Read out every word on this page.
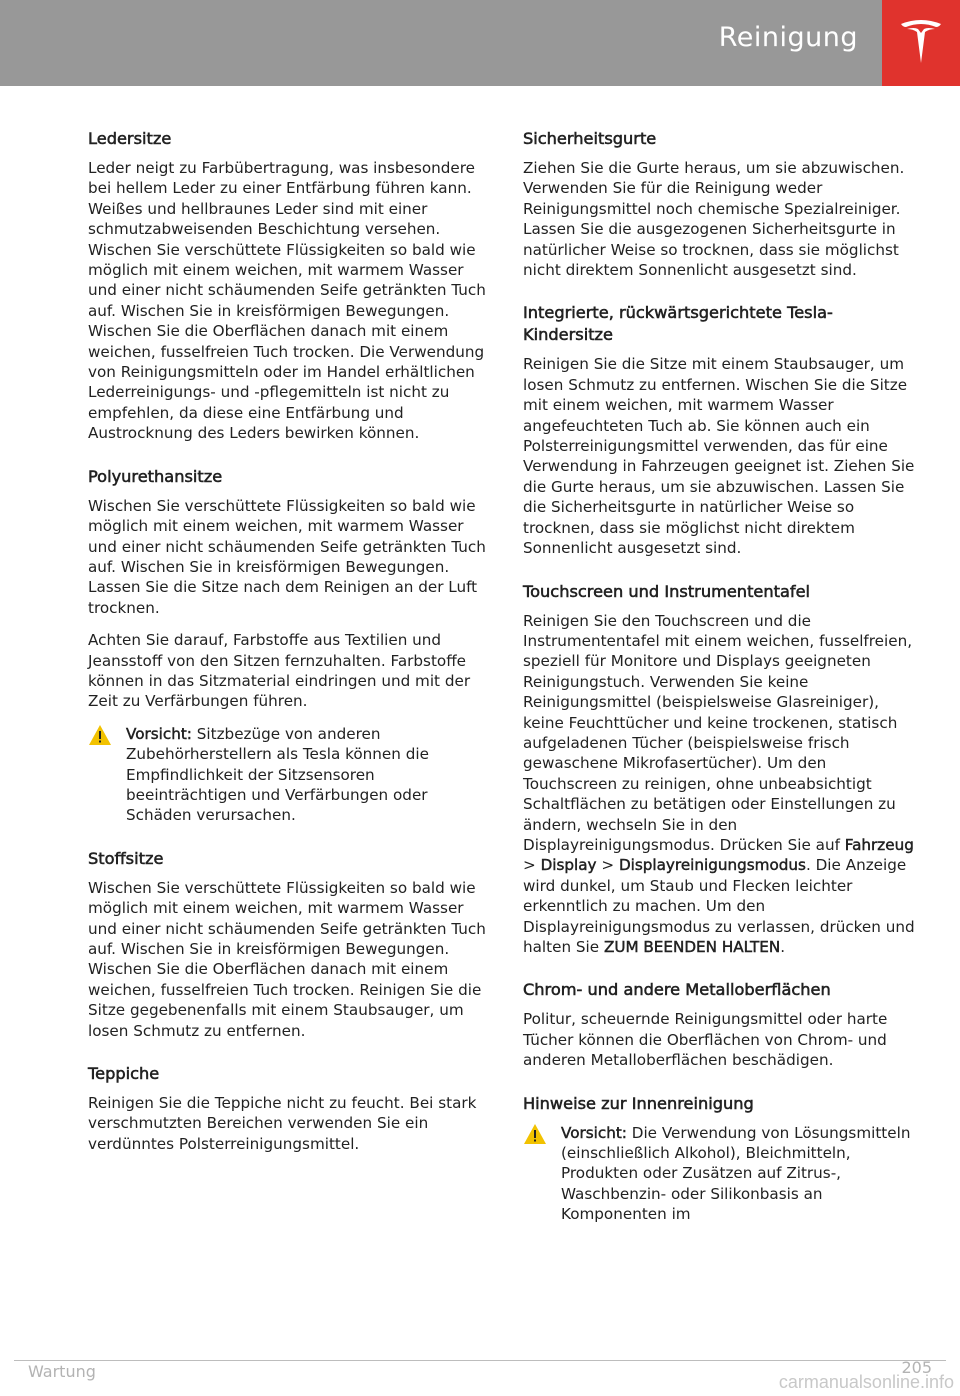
Reinigung
Ledersitze

Leder neigt zu Farbübertragung, was insbesondere bei hellem Leder zu einer Entfärbung führen kann. Weißes und hellbraunes Leder sind mit einer schmutzabweisenden Beschichtung versehen. Wischen Sie verschüttete Flüssigkeiten so bald wie möglich mit einem weichen, mit warmem Wasser und einer nicht schäumenden Seife getränkten Tuch auf. Wischen Sie in kreisförmigen Bewegungen. Wischen Sie die Oberflächen danach mit einem weichen, fusselfreien Tuch trocken. Die Verwendung von Reinigungsmitteln oder im Handel erhältlichen Lederreinigungs- und -pflegemitteln ist nicht zu empfehlen, da diese eine Entfärbung und Austrocknung des Leders bewirken können.

Polyurethansitze

Wischen Sie verschüttete Flüssigkeiten so bald wie möglich mit einem weichen, mit warmem Wasser und einer nicht schäumenden Seife getränkten Tuch auf. Wischen Sie in kreisförmigen Bewegungen. Lassen Sie die Sitze nach dem Reinigen an der Luft trocknen.

Achten Sie darauf, Farbstoffe aus Textilien und Jeansstoff von den Sitzen fernzuhalten. Farbstoffe können in das Sitzmaterial eindringen und mit der Zeit zu Verfärbungen führen.

Vorsicht: Sitzbezüge von anderen Zubehörherstellern als Tesla können die Empfindlichkeit der Sitzsensoren beeinträchtigen und Verfärbungen oder Schäden verursachen.

Stoffsitze

Wischen Sie verschüttete Flüssigkeiten so bald wie möglich mit einem weichen, mit warmem Wasser und einer nicht schäumenden Seife getränkten Tuch auf. Wischen Sie in kreisförmigen Bewegungen. Wischen Sie die Oberflächen danach mit einem weichen, fusselfreien Tuch trocken. Reinigen Sie die Sitze gegebenenfalls mit einem Staubsauger, um losen Schmutz zu entfernen.

Teppiche

Reinigen Sie die Teppiche nicht zu feucht. Bei stark verschmutzten Bereichen verwenden Sie ein verdünntes Polsterreinigungsmittel.

Sicherheitsgurte

Ziehen Sie die Gurte heraus, um sie abzuwischen. Verwenden Sie für die Reinigung weder Reinigungsmittel noch chemische Spezialreiniger. Lassen Sie die ausgezogenen Sicherheitsgurte in natürlicher Weise so trocknen, dass sie möglichst nicht direktem Sonnenlicht ausgesetzt sind.

Integrierte, rückwärtsgerichtete Tesla-Kindersitze

Reinigen Sie die Sitze mit einem Staubsauger, um losen Schmutz zu entfernen. Wischen Sie die Sitze mit einem weichen, mit warmem Wasser angefeuchteten Tuch ab. Sie können auch ein Polsterreinigungsmittel verwenden, das für eine Verwendung in Fahrzeugen geeignet ist. Ziehen Sie die Gurte heraus, um sie abzuwischen. Lassen Sie die Sicherheitsgurte in natürlicher Weise so trocknen, dass sie möglichst nicht direktem Sonnenlicht ausgesetzt sind.

Touchscreen und Instrumententafel

Reinigen Sie den Touchscreen und die Instrumententafel mit einem weichen, fusselfreien, speziell für Monitore und Displays geeigneten Reinigungstuch. Verwenden Sie keine Reinigungsmittel (beispielsweise Glasreiniger), keine Feuchttücher und keine trockenen, statisch aufgeladenen Tücher (beispielsweise frisch gewaschene Mikrofasertücher). Um den Touchscreen zu reinigen, ohne unbeabsichtigt Schaltflächen zu betätigen oder Einstellungen zu ändern, wechseln Sie in den Displayreinigungsmodus. Drücken Sie auf Fahrzeug > Display > Displayreinigungsmodus. Die Anzeige wird dunkel, um Staub und Flecken leichter erkenntlich zu machen. Um den Displayreinigungsmodus zu verlassen, drücken und halten Sie ZUM BEENDEN HALTEN.

Chrom- und andere Metalloberflächen

Politur, scheuernde Reinigungsmittel oder harte Tücher können die Oberflächen von Chrom- und anderen Metalloberflächen beschädigen.

Hinweise zur Innenreinigung

Vorsicht: Die Verwendung von Lösungsmitteln (einschließlich Alkohol), Bleichmitteln, Produkten oder Zusätzen auf Zitrus-, Waschbenzin- oder Silikonbasis an Komponenten im

Wartung	205
carmanualsonline.info
